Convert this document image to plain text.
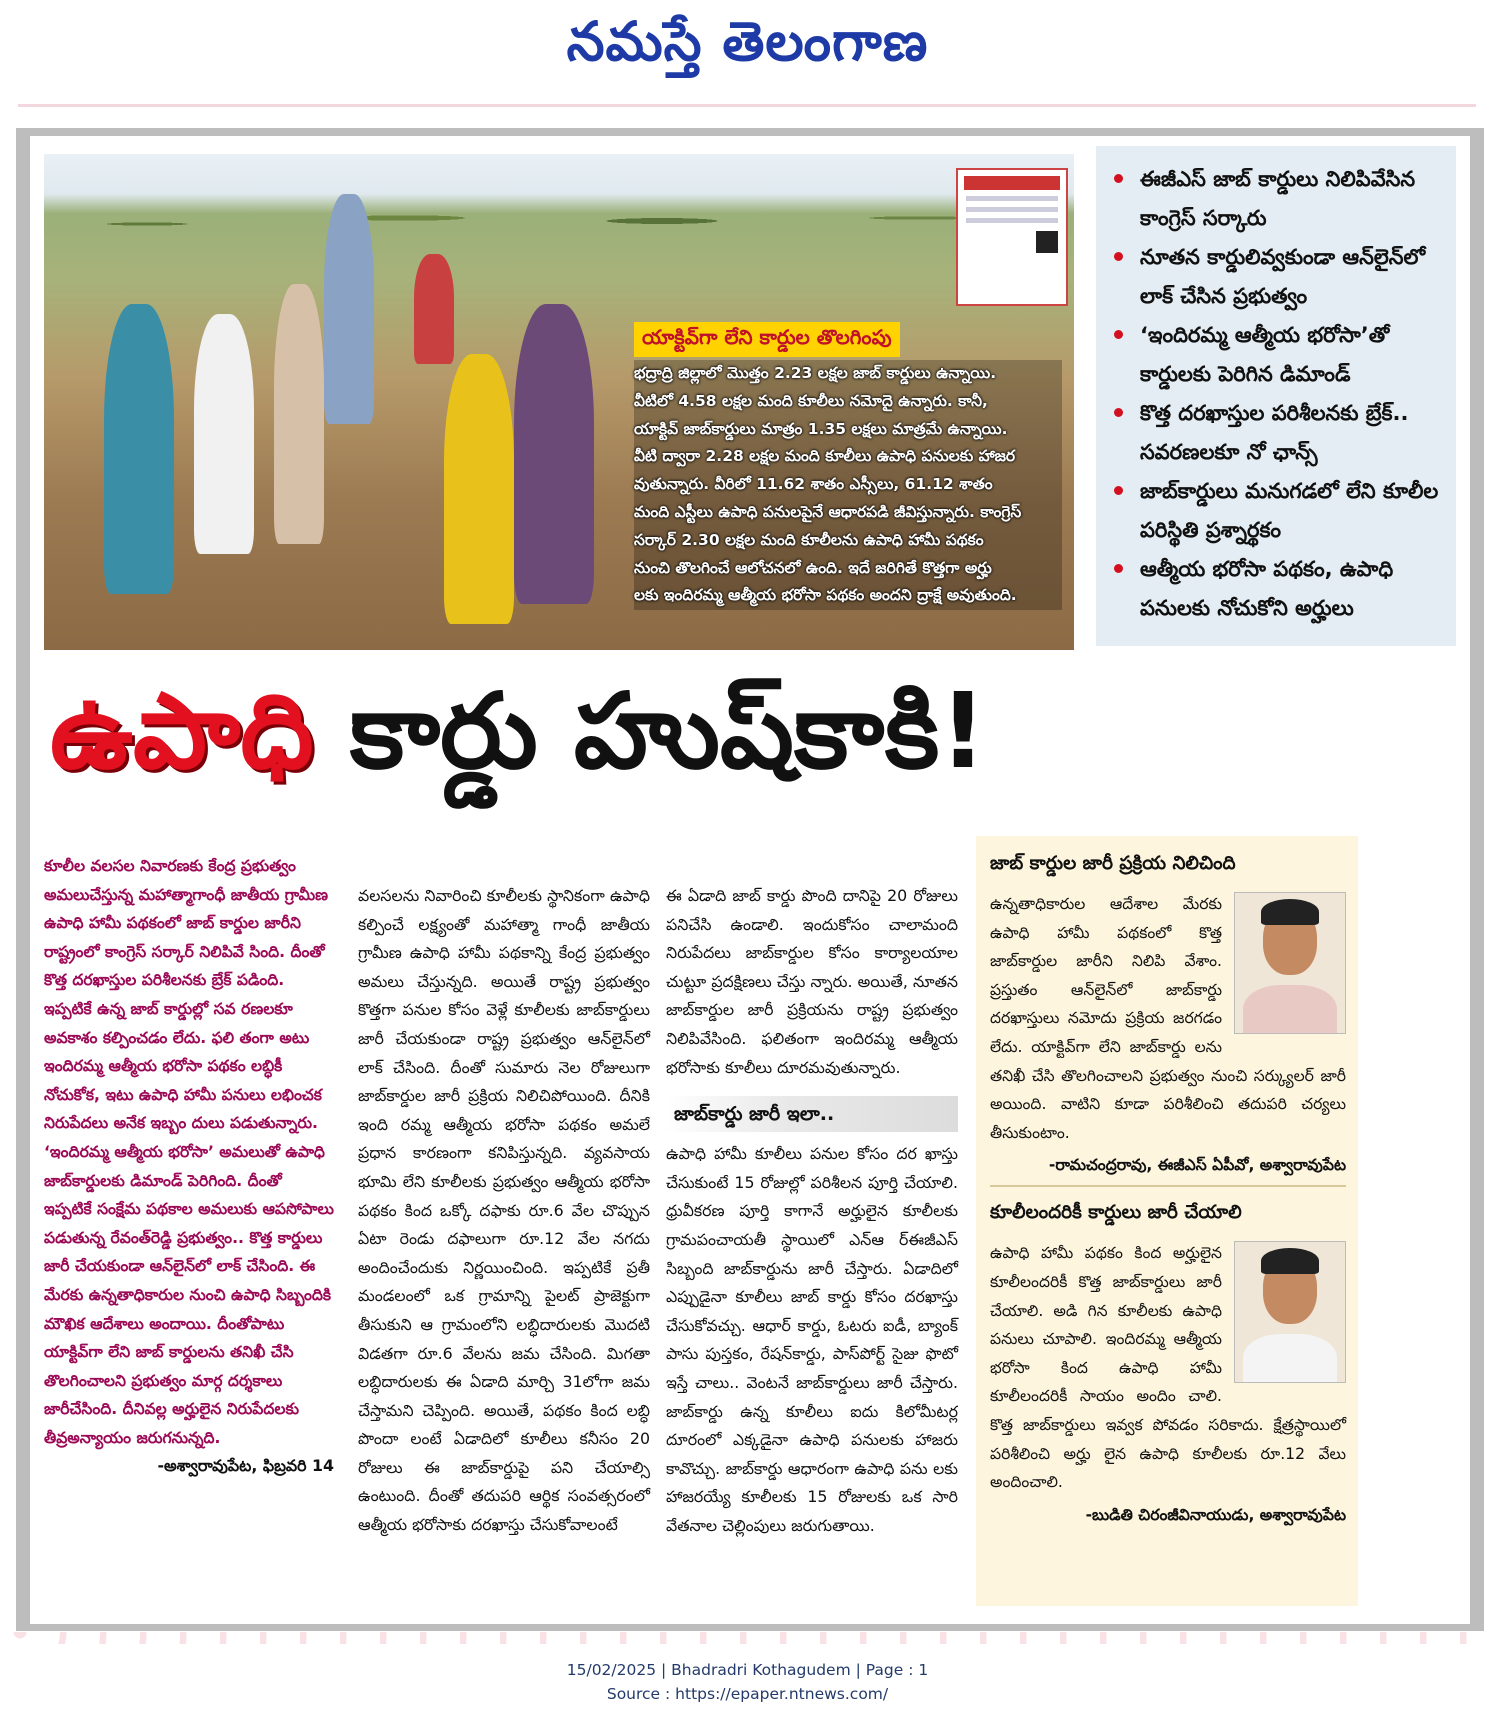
నమస్తే తెలంగాణ
యాక్టివ్‌గా లేని కార్డుల తొలగింపు

భద్రాద్రి జిల్లాలో మొత్తం 2.23 లక్షల జాబ్‌ కార్డులు ఉన్నాయి.

వీటిలో 4.58 లక్షల మంది కూలీలు నమోదై ఉన్నారు. కానీ,

యాక్టివ్‌ జాబ్‌కార్డులు మాత్రం 1.35 లక్షలు మాత్రమే ఉన్నాయి.

వీటి ద్వారా 2.28 లక్షల మంది కూలీలు ఉపాధి పనులకు హాజర

వుతున్నారు. వీరిలో 11.62 శాతం ఎస్సీలు, 61.12 శాతం

మంది ఎస్టీలు ఉపాధి పనులపైనే ఆధారపడి జీవిస్తున్నారు. కాంగ్రెస్‌

సర్కార్‌ 2.30 లక్షల మంది కూలీలను ఉపాధి హామీ పథకం

నుంచి తొలగించే ఆలోచనలో ఉంది. ఇదే జరిగితే కొత్తగా అర్హు

లకు ఇందిరమ్మ ఆత్మీయ భరోసా పథకం అందని ద్రాక్షే అవుతుంది.

ఈజీఎస్‌ జాబ్‌ కార్డులు నిలిపివేసిన కాంగ్రెస్‌ సర్కారు
నూతన కార్డులివ్వకుండా ఆన్‌లైన్‌లో లాక్‌ చేసిన ప్రభుత్వం
‘ఇందిరమ్మ ఆత్మీయ భరోసా’తో కార్డులకు పెరిగిన డిమాండ్‌
కొత్త దరఖాస్తుల పరిశీలనకు బ్రేక్‌.. సవరణలకూ నో ఛాన్స్‌
జాబ్‌కార్డులు మనుగడలో లేని కూలీల పరిస్థితి ప్రశ్నార్థకం
ఆత్మీయ భరోసా పథకం, ఉపాధి పనులకు నోచుకోని అర్హులు
ఉపాధి కార్డు హుష్‌కాకి!

కూలీల వలసల నివారణకు కేంద్ర ప్రభుత్వం అమలుచేస్తున్న మహాత్మాగాంధీ జాతీయ గ్రామీణ ఉపాధి హామీ పథకంలో జాబ్‌ కార్డుల జారీని రాష్ట్రంలో కాంగ్రెస్‌ సర్కార్‌ నిలిపివే సింది. దీంతో కొత్త దరఖాస్తుల పరిశీలనకు బ్రేక్‌ పడింది. ఇప్పటికే ఉన్న జాబ్‌ కార్డుల్లో సవ రణలకూ అవకాశం కల్పించడం లేదు. ఫలి తంగా అటు ఇందిరమ్మ ఆత్మీయ భరోసా పథకం లబ్ధికీ నోచుకోక, ఇటు ఉపాధి హామీ పనులు లభించక నిరుపేదలు అనేక ఇబ్బం దులు పడుతున్నారు. ‘ఇందిరమ్మ ఆత్మీయ భరోసా’ అమలుతో ఉపాధి జాబ్‌కార్డులకు డిమాండ్‌ పెరిగింది. దీంతో ఇప్పటికే సంక్షేమ పథకాల అమలుకు ఆపసోపాలు పడుతున్న రేవంత్‌రెడ్డి ప్రభుత్వం.. కొత్త కార్డులు జారీ చేయకుండా ఆన్‌లైన్‌లో లాక్‌ చేసింది. ఈ మేరకు ఉన్నతాధికారుల నుంచి ఉపాధి సిబ్బందికి మౌఖిక ఆదేశాలు అందాయి. దీంతోపాటు యాక్టివ్‌గా లేని జాబ్‌ కార్డులను తనిఖీ చేసి తొలగించాలని ప్రభుత్వం మార్గ దర్శకాలు జారీచేసింది. దీనివల్ల అర్హులైన నిరుపేదలకు తీవ్రఅన్యాయం జరుగనున్నది.

-అశ్వారావుపేట, ఫిబ్రవరి 14

వలసలను నివారించి కూలీలకు స్థానికంగా ఉపాధి కల్పించే లక్ష్యంతో మహాత్మా గాంధీ జాతీయ గ్రామీణ ఉపాధి హామీ పథకాన్ని కేంద్ర ప్రభుత్వం అమలు చేస్తున్నది. అయితే రాష్ట్ర ప్రభుత్వం కొత్తగా పనుల కోసం వెళ్లే కూలీలకు జాబ్‌కార్డులు జారీ చేయకుండా రాష్ట్ర ప్రభుత్వం ఆన్‌లైన్‌లో లాక్‌ చేసింది. దీంతో సుమారు నెల రోజులుగా జాబ్‌కార్డుల జారీ ప్రక్రియ నిలిచిపోయింది. దీనికి ఇంది రమ్మ ఆత్మీయ భరోసా పథకం అమలే ప్రధాన కారణంగా కనిపిస్తున్నది. వ్యవసాయ భూమి లేని కూలీలకు ప్రభుత్వం ఆత్మీయ భరోసా పథకం కింద ఒక్కో దఫాకు రూ.6 వేల చొప్పున ఏటా రెండు దఫాలుగా రూ.12 వేల నగదు అందించేందుకు నిర్ణయించింది. ఇప్పటికే ప్రతీ మండలంలో ఒక గ్రామాన్ని పైలట్‌ ప్రాజెక్టుగా తీసుకుని ఆ గ్రామంలోని లబ్ధిదారులకు మొదటి విడతగా రూ.6 వేలను జమ చేసింది. మిగతా లబ్ధిదారులకు ఈ ఏడాది మార్చి 31లోగా జమ చేస్తామని చెప్పింది. అయితే, పథకం కింద లబ్ధి పొందా లంటే ఏడాదిలో కూలీలు కనీసం 20 రోజులు ఈ జాబ్‌కార్డుపై పని చేయాల్సి ఉంటుంది. దీంతో తదుపరి ఆర్థిక సంవత్సరంలో ఆత్మీయ భరోసాకు దరఖాస్తు చేసుకోవాలంటే

ఈ ఏడాది జాబ్‌ కార్డు పొంది దానిపై 20 రోజులు పనిచేసి ఉండాలి. ఇందుకోసం చాలామంది నిరుపేదలు జాబ్‌కార్డుల కోసం కార్యాలయాల చుట్టూ ప్రదక్షిణలు చేస్తు న్నారు. అయితే, నూతన జాబ్‌కార్డుల జారీ ప్రక్రియను రాష్ట్ర ప్రభుత్వం నిలిపివేసింది. ఫలితంగా ఇందిరమ్మ ఆత్మీయ భరోసాకు కూలీలు దూరమవుతున్నారు.

జాబ్‌కార్డు జారీ ఇలా..

ఉపాధి హామీ కూలీలు పనుల కోసం దర ఖాస్తు చేసుకుంటే 15 రోజుల్లో పరిశీలన పూర్తి చేయాలి. ధ్రువీకరణ పూర్తి కాగానే అర్హులైన కూలీలకు గ్రామపంచాయతీ స్థాయిలో ఎన్‌ఆ ర్‌ఈజీఎస్‌ సిబ్బంది జాబ్‌కార్డును జారీ చేస్తారు. ఏడాదిలో ఎప్పుడైనా కూలీలు జాబ్‌ కార్డు కోసం దరఖాస్తు చేసుకోవచ్చు. ఆధార్‌ కార్డు, ఓటరు ఐడీ, బ్యాంక్‌ పాసు పుస్తకం, రేషన్‌కార్డు, పాస్‌పోర్ట్‌ సైజు ఫొటో ఇస్తే చాలు.. వెంటనే జాబ్‌కార్డులు జారీ చేస్తారు. జాబ్‌కార్డు ఉన్న కూలీలు ఐదు కిలోమీటర్ల దూరంలో ఎక్కడైనా ఉపాధి పనులకు హాజరు కావొచ్చు. జాబ్‌కార్డు ఆధారంగా ఉపాధి పను లకు హాజరయ్యే కూలీలకు 15 రోజులకు ఒక సారి వేతనాల చెల్లింపులు జరుగుతాయి.

జాబ్‌ కార్డుల జారీ ప్రక్రియ నిలిచింది
ఉన్నతాధికారుల ఆదేశాల మేరకు ఉపాధి హామీ పథకంలో కొత్త జాబ్‌కార్డుల జారీని నిలిపి వేశాం. ప్రస్తుతం ఆన్‌లైన్‌లో జాబ్‌కార్డు దరఖాస్తులు నమోదు ప్రక్రియ జరగడం లేదు. యాక్టివ్‌గా లేని జాబ్‌కార్డు లను తనిఖీ చేసి తొలగించాలని ప్రభుత్వం నుంచి సర్క్యులర్‌ జారీ అయింది. వాటిని కూడా పరిశీలించి తదుపరి చర్యలు తీసుకుంటాం.
-రామచంద్రరావు, ఈజీఎస్‌ ఏపీవో, అశ్వారావుపేట
కూలీలందరికీ కార్డులు జారీ చేయాలి
ఉపాధి హామీ పథకం కింద అర్హులైన కూలీలందరికీ కొత్త జాబ్‌కార్డులు జారీ చేయాలి. అడి గిన కూలీలకు ఉపాధి పనులు చూపాలి. ఇందిరమ్మ ఆత్మీయ భరోసా కింద ఉపాధి హామీ కూలీలందరికీ సాయం అందిం చాలి. కొత్త జాబ్‌కార్డులు ఇవ్వక పోవడం సరికాదు. క్షేత్రస్థాయిలో పరిశీలించి అర్హు లైన ఉపాధి కూలీలకు రూ.12 వేలు అందించాలి.
-బుడితి చిరంజీవినాయుడు, అశ్వారావుపేట
15/02/2025 | Bhadradri Kothagudem | Page : 1
Source : https://epaper.ntnews.com/
